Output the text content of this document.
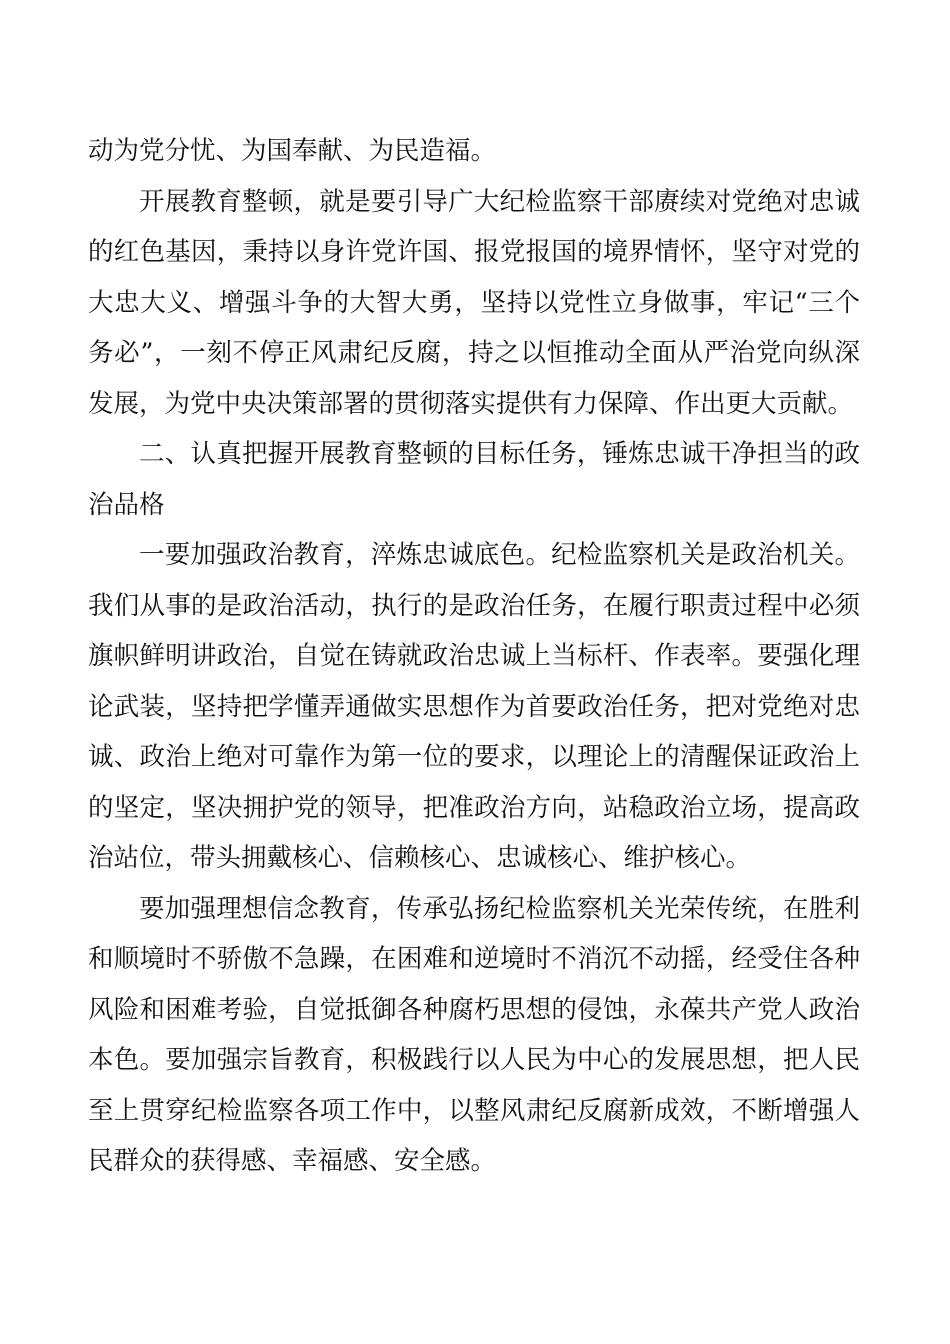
动为党分忧、为国奉献、为民造福。

开展教育整顿，就是要引导广大纪检监察干部赓续对党绝对忠诚的红色基因，秉持以身许党许国、报党报国的境界情怀，坚守对党的大忠大义、增强斗争的大智大勇，坚持以党性立身做事，牢记“三个务必”，一刻不停正风肃纪反腐，持之以恒推动全面从严治党向纵深发展，为党中央决策部署的贯彻落实提供有力保障、作出更大贡献。

二、认真把握开展教育整顿的目标任务，锤炼忠诚干净担当的政治品格

一要加强政治教育，淬炼忠诚底色。纪检监察机关是政治机关。我们从事的是政治活动，执行的是政治任务，在履行职责过程中必须旗帜鲜明讲政治，自觉在铸就政治忠诚上当标杆、作表率。要强化理论武装，坚持把学懂弄通做实思想作为首要政治任务，把对党绝对忠诚、政治上绝对可靠作为第一位的要求，以理论上的清醒保证政治上的坚定，坚决拥护党的领导，把准政治方向，站稳政治立场，提高政治站位，带头拥戴核心、信赖核心、忠诚核心、维护核心。

要加强理想信念教育，传承弘扬纪检监察机关光荣传统，在胜利和顺境时不骄傲不急躁，在困难和逆境时不消沉不动摇，经受住各种风险和困难考验，自觉抵御各种腐朽思想的侵蚀，永葆共产党人政治本色。要加强宗旨教育，积极践行以人民为中心的发展思想，把人民至上贯穿纪检监察各项工作中，以整风肃纪反腐新成效，不断增强人民群众的获得感、幸福感、安全感。
